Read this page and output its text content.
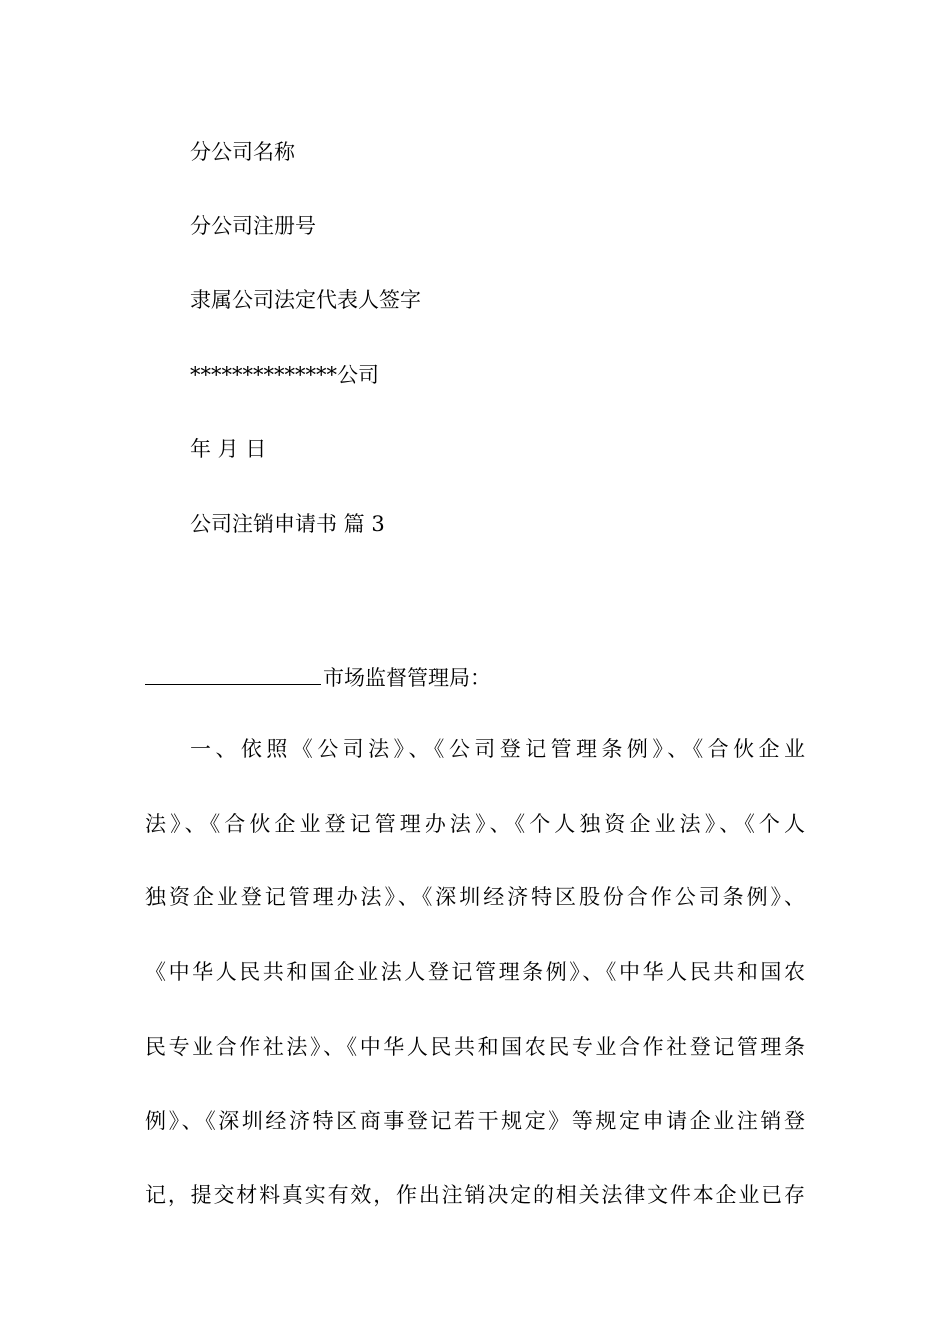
分公司名称
分公司注册号
隶属公司法定代表人签字
**************公司
年 月 日
公司注销申请书 篇 3
市场监督管理局：
一、依照《公司法》、《公司登记管理条例》、《合伙企业
法》、《合伙企业登记管理办法》、《个人独资企业法》、《个人
独资企业登记管理办法》、《深圳经济特区股份合作公司条例》、
《中华人民共和国企业法人登记管理条例》、《中华人民共和国农
民专业合作社法》、《中华人民共和国农民专业合作社登记管理条
例》、《深圳经济特区商事登记若干规定》等规定申请企业注销登
记，提交材料真实有效，作出注销决定的相关法律文件本企业已存
